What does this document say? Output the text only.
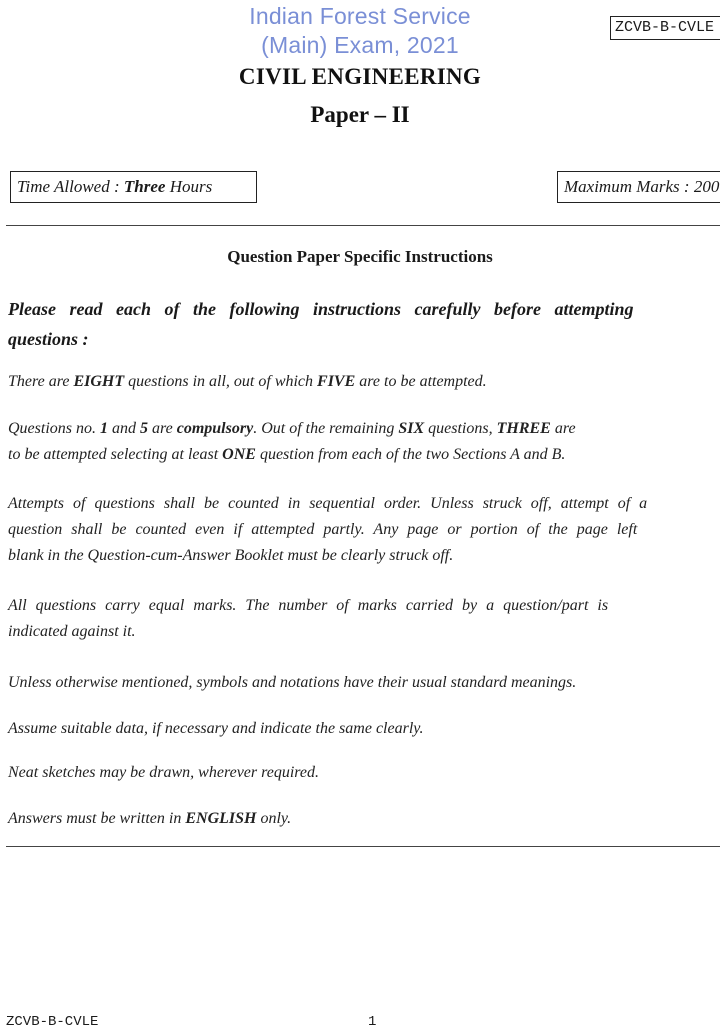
Indian Forest Service
(Main) Exam, 2021
ZCVB-B-CVLE
CIVIL ENGINEERING
Paper – II
Time Allowed : Three Hours	Maximum Marks : 200
Question Paper Specific Instructions
Please read each of the following instructions carefully before attempting
questions :
There are EIGHT questions in all, out of which FIVE are to be attempted.
Questions no. 1 and 5 are compulsory. Out of the remaining SIX questions, THREE are
to be attempted selecting at least ONE question from each of the two Sections A and B.
Attempts of questions shall be counted in sequential order. Unless struck off, attempt of a
question shall be counted even if attempted partly. Any page or portion of the page left
blank in the Question-cum-Answer Booklet must be clearly struck off.
All questions carry equal marks. The number of marks carried by a question/part is
indicated against it.
Unless otherwise mentioned, symbols and notations have their usual standard meanings.
Assume suitable data, if necessary and indicate the same clearly.
Neat sketches may be drawn, wherever required.
Answers must be written in ENGLISH only.
ZCVB-B-CVLE	1
